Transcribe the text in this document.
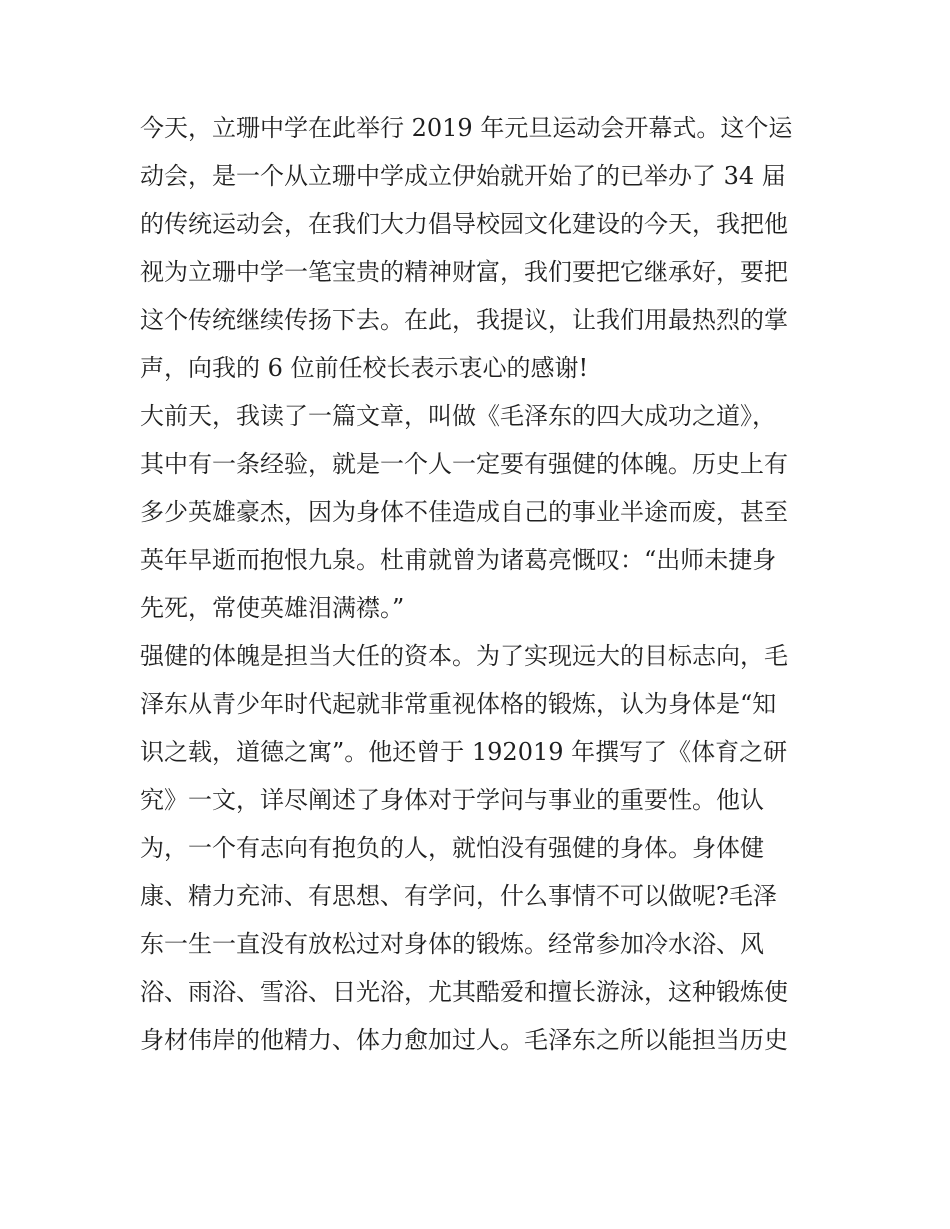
今天，立珊中学在此举行 2019 年元旦运动会开幕式。这个运
动会，是一个从立珊中学成立伊始就开始了的已举办了 34 届
的传统运动会，在我们大力倡导校园文化建设的今天，我把他
视为立珊中学一笔宝贵的精神财富，我们要把它继承好，要把
这个传统继续传扬下去。在此，我提议，让我们用最热烈的掌
声，向我的 6 位前任校长表示衷心的感谢!
大前天，我读了一篇文章，叫做《毛泽东的四大成功之道》，
其中有一条经验，就是一个人一定要有强健的体魄。历史上有
多少英雄豪杰，因为身体不佳造成自己的事业半途而废，甚至
英年早逝而抱恨九泉。杜甫就曾为诸葛亮慨叹：“出师未捷身
先死，常使英雄泪满襟。”
强健的体魄是担当大任的资本。为了实现远大的目标志向，毛
泽东从青少年时代起就非常重视体格的锻炼，认为身体是“知
识之载，道德之寓”。他还曾于 192019 年撰写了《体育之研
究》一文，详尽阐述了身体对于学问与事业的重要性。他认
为，一个有志向有抱负的人，就怕没有强健的身体。身体健
康、精力充沛、有思想、有学问，什么事情不可以做呢?毛泽
东一生一直没有放松过对身体的锻炼。经常参加冷水浴、风
浴、雨浴、雪浴、日光浴，尤其酷爱和擅长游泳，这种锻炼使
身材伟岸的他精力、体力愈加过人。毛泽东之所以能担当历史
